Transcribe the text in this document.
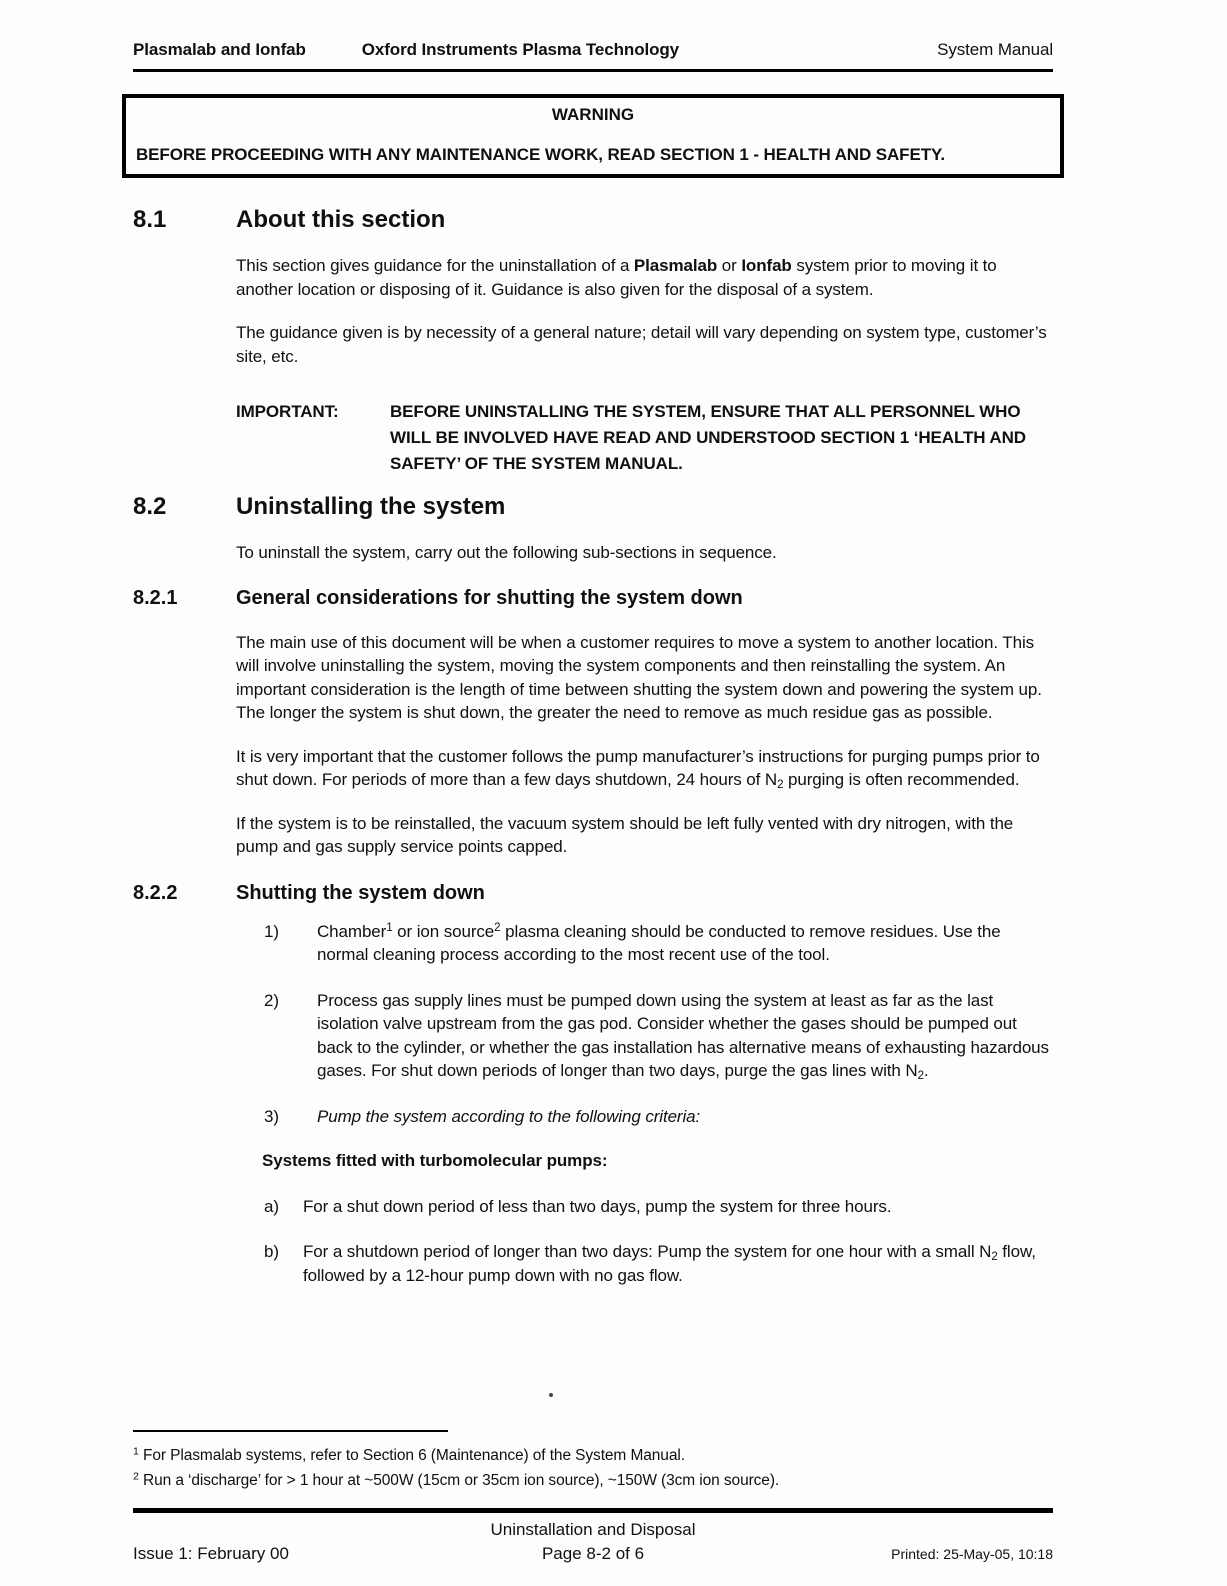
Plasmalab and Ionfab	Oxford Instruments Plasma Technology	System Manual
WARNING
BEFORE PROCEEDING WITH ANY MAINTENANCE WORK, READ SECTION 1 - HEALTH AND SAFETY.
8.1	About this section

This section gives guidance for the uninstallation of a Plasmalab or Ionfab system prior to moving it to another location or disposing of it. Guidance is also given for the disposal of a system.

The guidance given is by necessity of a general nature; detail will vary depending on system type, customer’s site, etc.

IMPORTANT:	BEFORE UNINSTALLING THE SYSTEM, ENSURE THAT ALL PERSONNEL WHO WILL BE INVOLVED HAVE READ AND UNDERSTOOD SECTION 1 ‘HEALTH AND SAFETY’ OF THE SYSTEM MANUAL.
8.2	Uninstalling the system

To uninstall the system, carry out the following sub-sections in sequence.

8.2.1	General considerations for shutting the system down

The main use of this document will be when a customer requires to move a system to another location. This will involve uninstalling the system, moving the system components and then reinstalling the system. An important consideration is the length of time between shutting the system down and powering the system up. The longer the system is shut down, the greater the need to remove as much residue gas as possible.

It is very important that the customer follows the pump manufacturer’s instructions for purging pumps prior to shut down. For periods of more than a few days shutdown, 24 hours of $N_2$ purging is often recommended.

If the system is to be reinstalled, the vacuum system should be left fully vented with dry nitrogen, with the pump and gas supply service points capped.

8.2.2	Shutting the system down
1)	Chamber$^1$ or ion source$^2$ plasma cleaning should be conducted to remove residues. Use the normal cleaning process according to the most recent use of the tool.
2)	Process gas supply lines must be pumped down using the system at least as far as the last isolation valve upstream from the gas pod. Consider whether the gases should be pumped out back to the cylinder, or whether the gas installation has alternative means of exhausting hazardous gases. For shut down periods of longer than two days, purge the gas lines with $N_2$.
3)	Pump the system according to the following criteria:
Systems fitted with turbomolecular pumps:
a)	For a shut down period of less than two days, pump the system for three hours.
b)	For a shutdown period of longer than two days: Pump the system for one hour with a small $N_2$ flow, followed by a 12-hour pump down with no gas flow.

$^1$ For Plasmalab systems, refer to Section 6 (Maintenance) of the System Manual.

$^2$ Run a ‘discharge’ for > 1 hour at ~500W (15cm or 35cm ion source), ~150W (3cm ion source).

Uninstallation and Disposal
Issue 1: February 00	Page 8-2 of 6	Printed: 25-May-05, 10:18
